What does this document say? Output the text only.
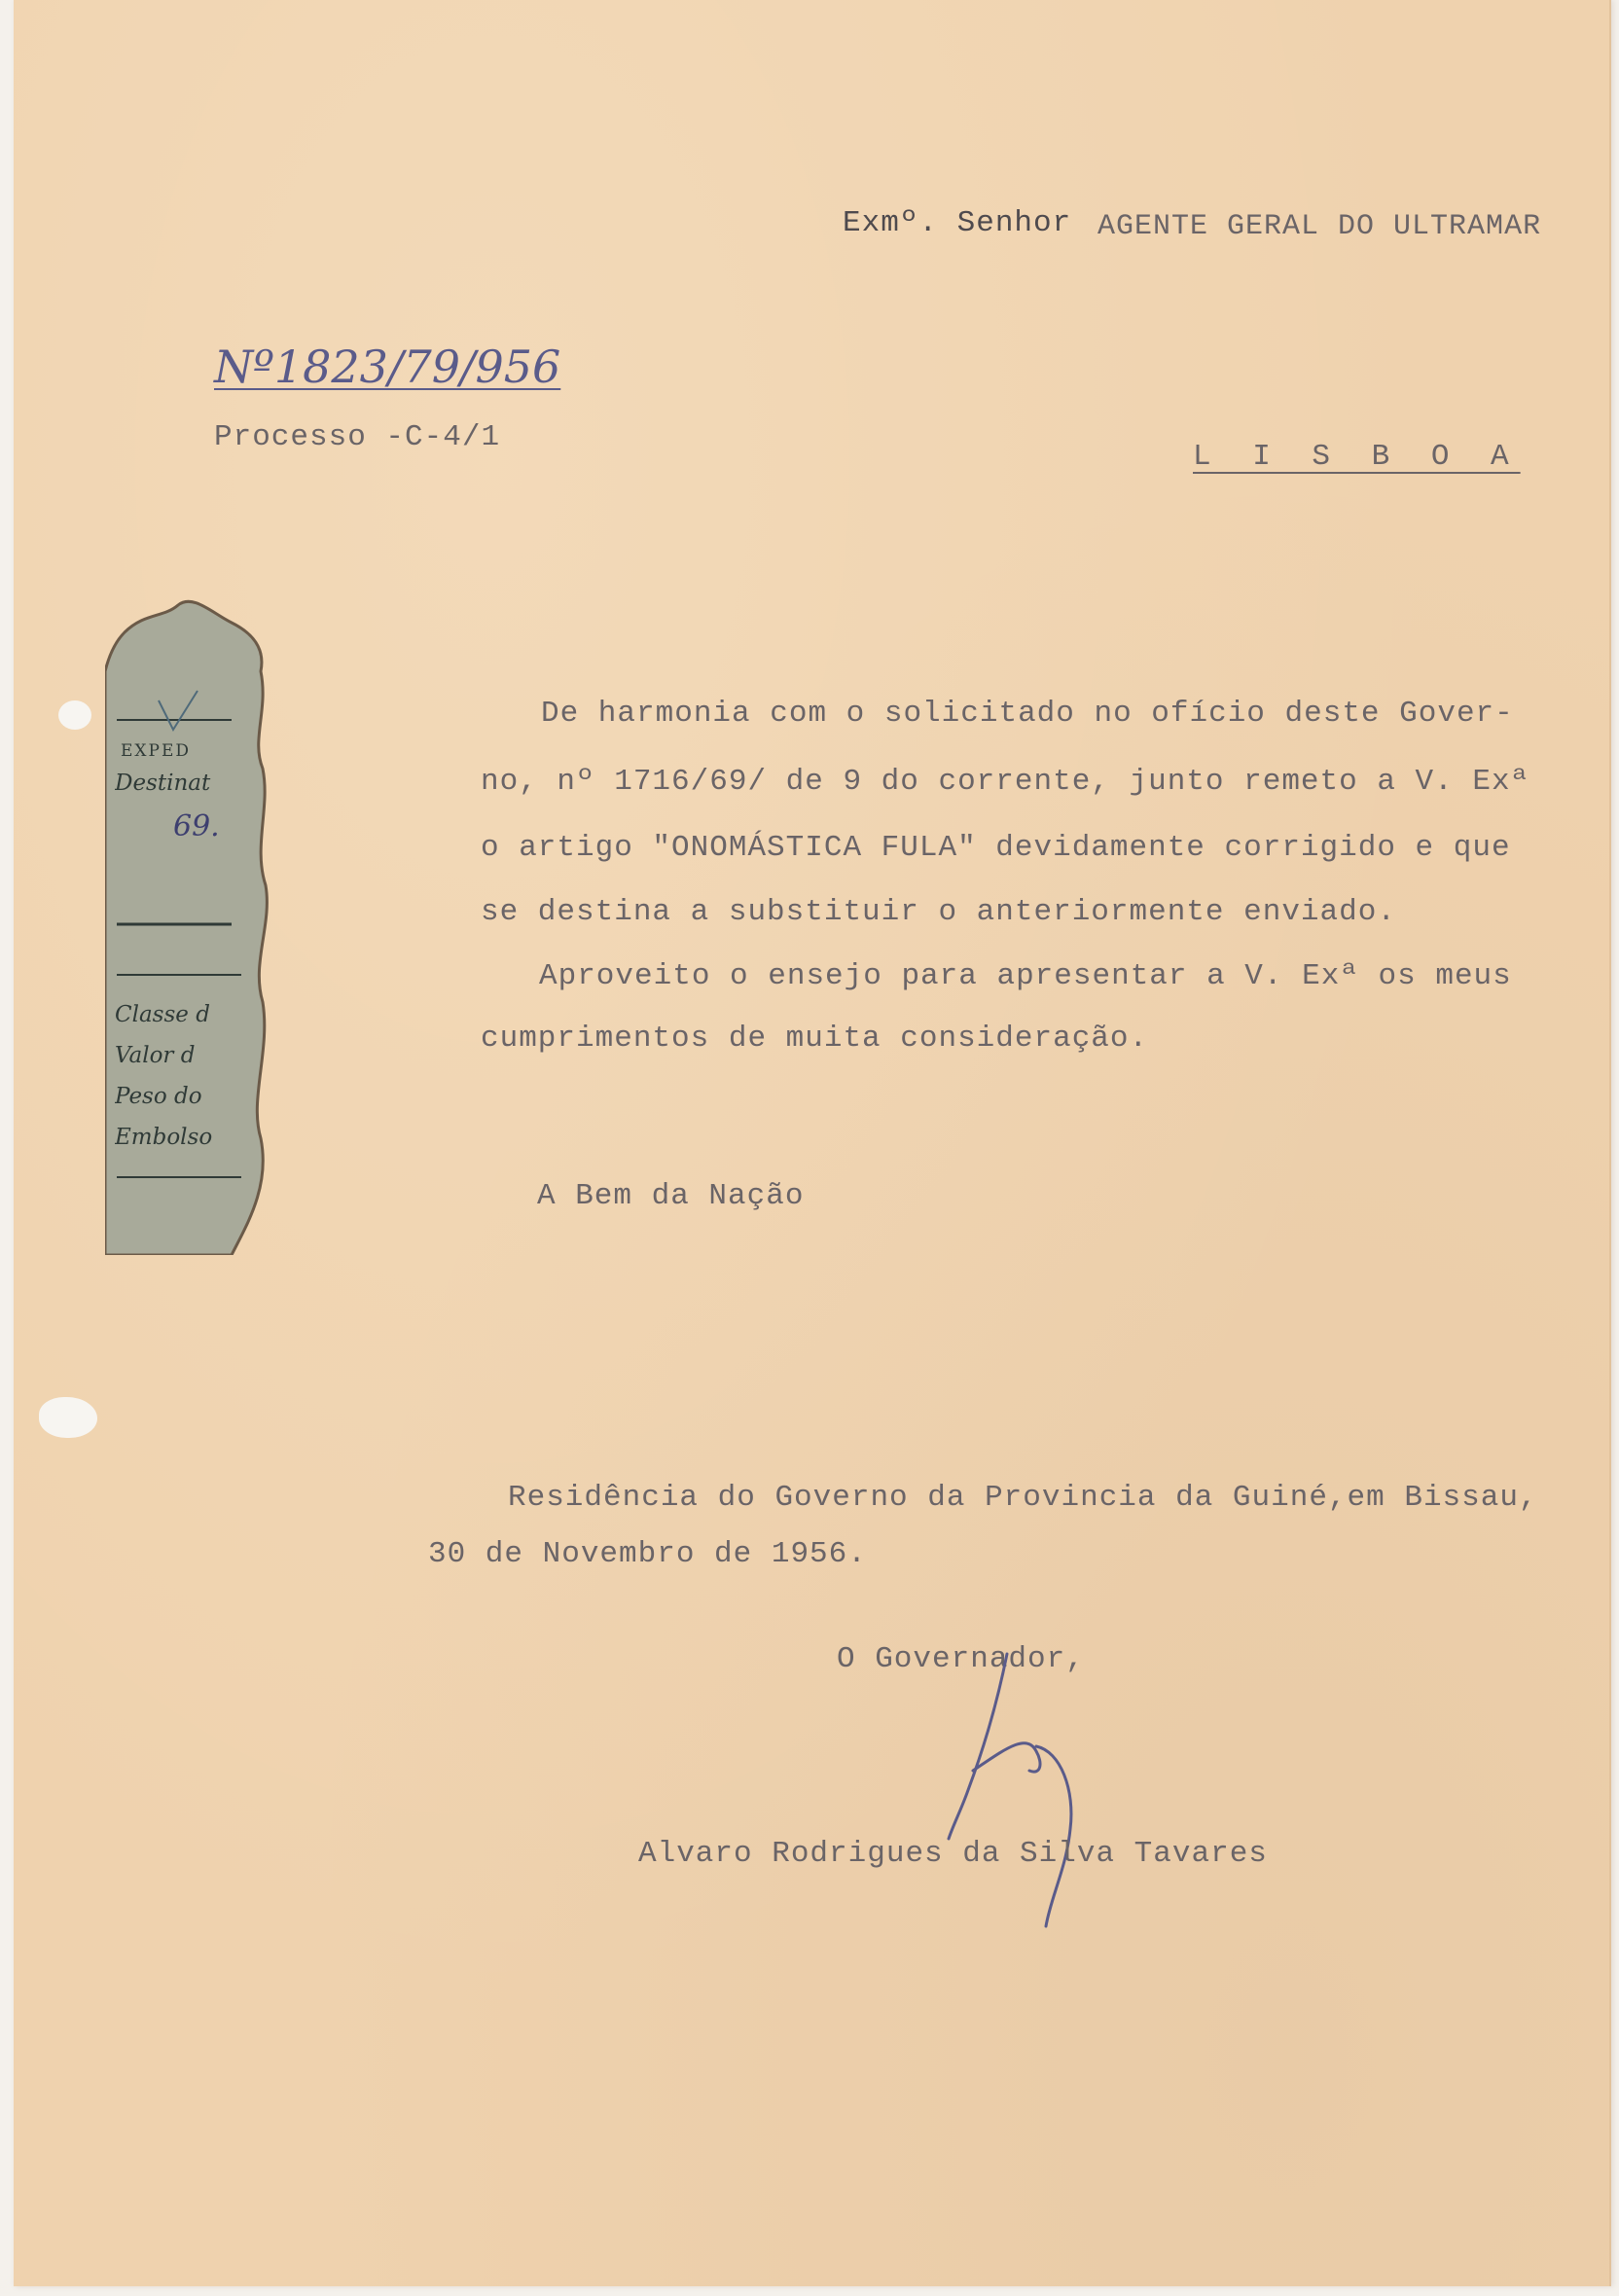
Exmº. Senhor AGENTE GERAL DO ULTRAMAR

Nº1823/79/956

Processo -C-4/1

L I S B O A

EXPED
Destinat
69.
Classe d
Valor d
Peso do
Embolso

De harmonia com o solicitado no ofício deste Gover-

no, nº 1716/69/ de 9 do corrente, junto remeto a V. Exª

o artigo "ONOMÁSTICA FULA" devidamente corrigido e que

se destina a substituir o anteriormente enviado.

Aproveito o ensejo para apresentar a V. Exª os meus

cumprimentos de muita consideração.

A Bem da Nação

Residência do Governo da Provincia da Guiné,em Bissau,

30 de Novembro de 1956.

O Governador,

Alvaro Rodrigues da Silva Tavares
